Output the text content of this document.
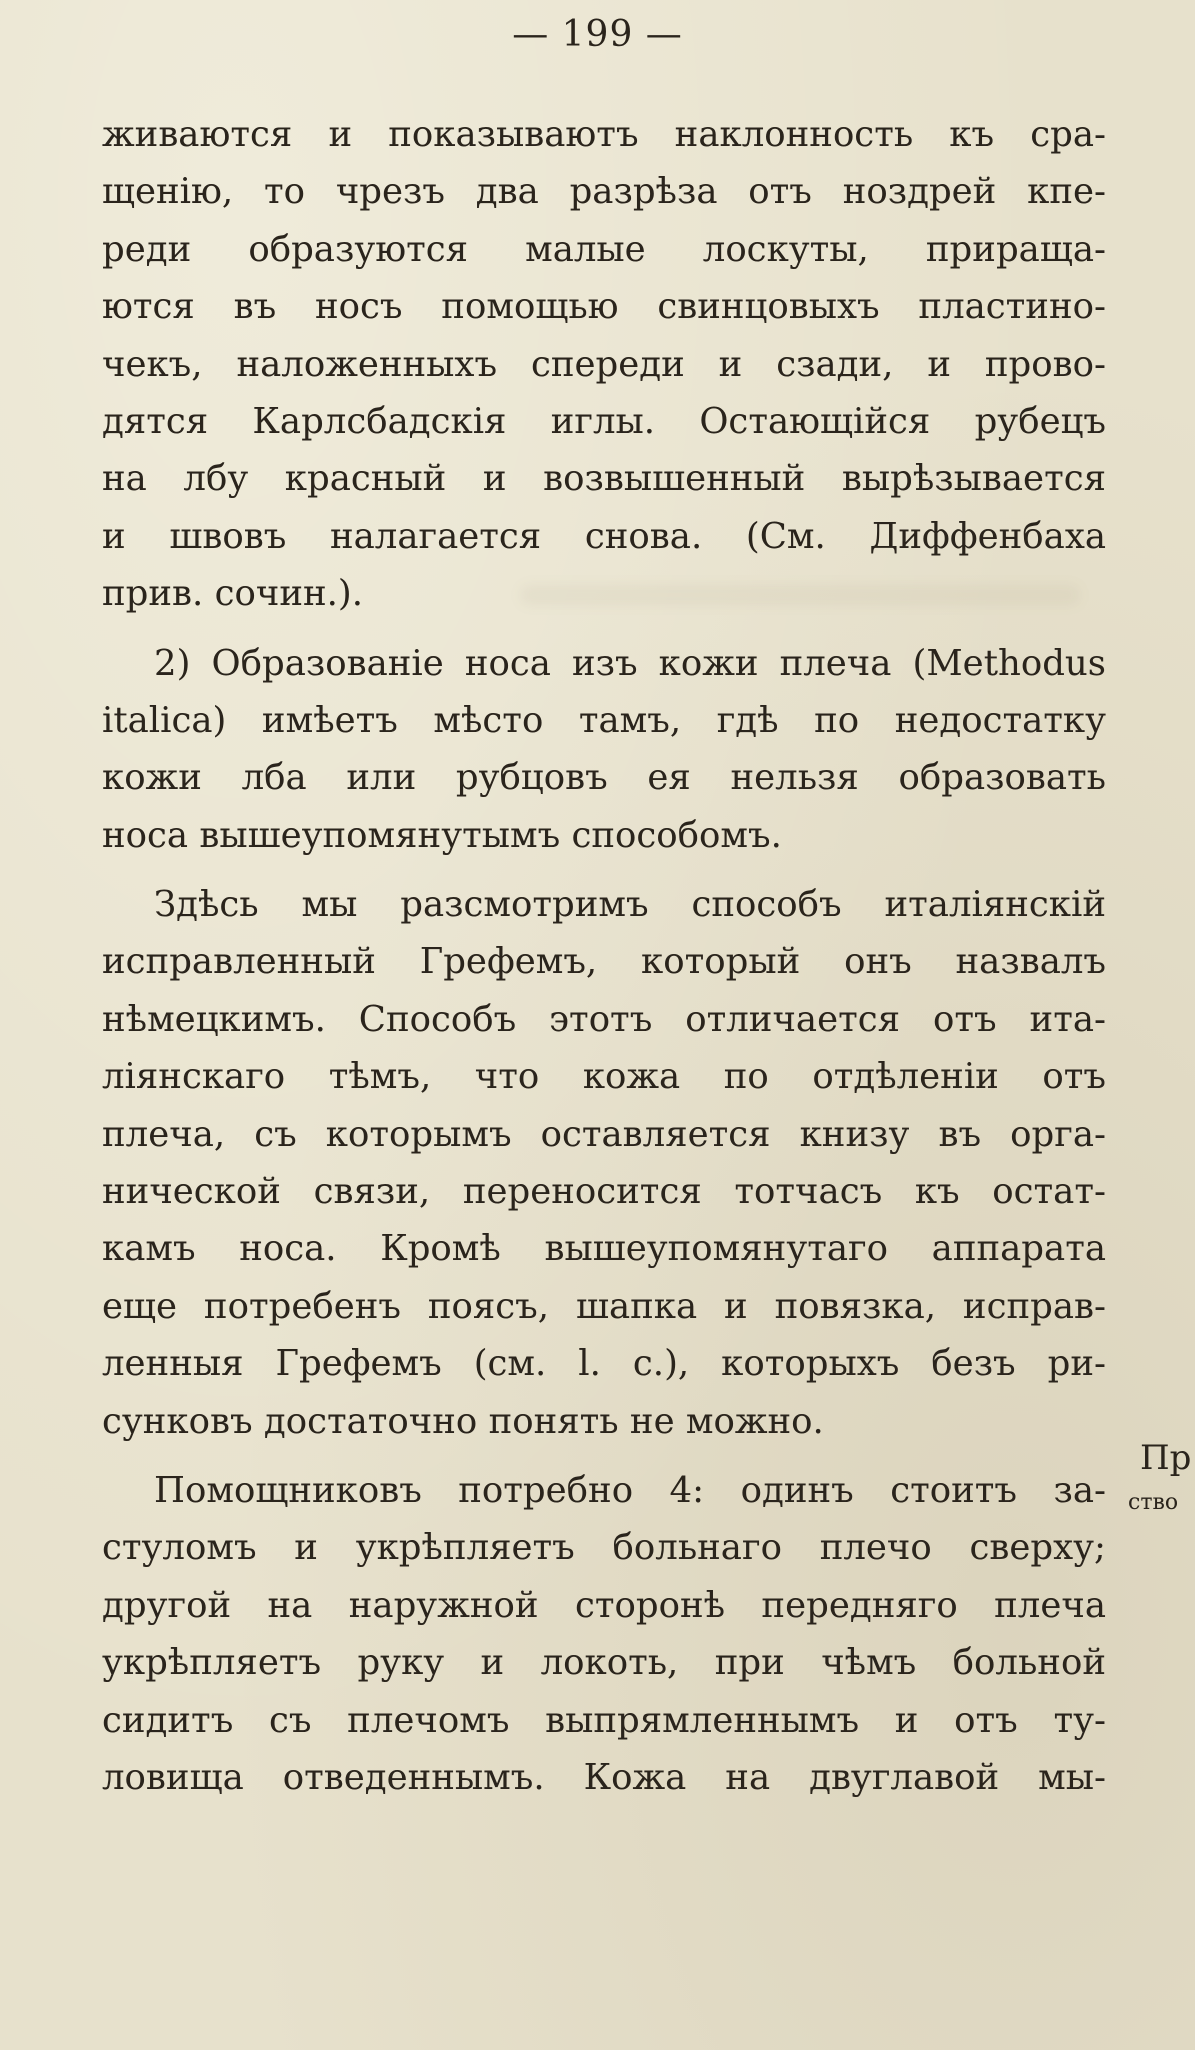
— 199 —
живаются и показываютъ наклонность къ сра-
щенію, то чрезъ два разрѣза отъ ноздрей кпе-
реди образуются малые лоскуты, приращa-
ются въ носъ помощью свинцовыхъ пластино-
чекъ, наложенныхъ спереди и сзади, и прово-
дятся Карлсбадскія иглы. Остающійся рубецъ
на лбу красный и возвышенный вырѣзывается
и швовъ налагается снова. (См. Диффенбаха
прив. сочин.).
2) Образованіе носа изъ кожи плеча (Methodus
italica) имѣетъ мѣсто тамъ, гдѣ по недостатку
кожи лба или рубцовъ ея нельзя образовать
носа вышеупомянутымъ способомъ.
Здѣсь мы разсмотримъ способъ италіянскій
исправленный Грефемъ, который онъ назвалъ
нѣмецкимъ. Способъ этотъ отличается отъ ита-
ліянскаго тѣмъ, что кожа по отдѣленіи отъ
плеча, съ которымъ оставляется книзу въ орга-
нической связи, переносится тотчасъ къ остат-
камъ носа. Кромѣ вышеупомянутаго аппарата
еще потребенъ поясъ, шапка и повязка, исправ-
ленныя Грефемъ (см. l. с.), которыхъ безъ ри-
сунковъ достаточно понять не можно.
Помощниковъ потребно 4: одинъ стоитъ за-
стуломъ и укрѣпляетъ больнаго плечо сверху;
другой на наружной сторонѣ передняго плеча
укрѣпляетъ руку и локоть, при чѣмъ больной
сидитъ съ плечомъ выпрямленнымъ и отъ ту-
ловища отведеннымъ. Кожа на двуглавой мы-
Пр
ство
